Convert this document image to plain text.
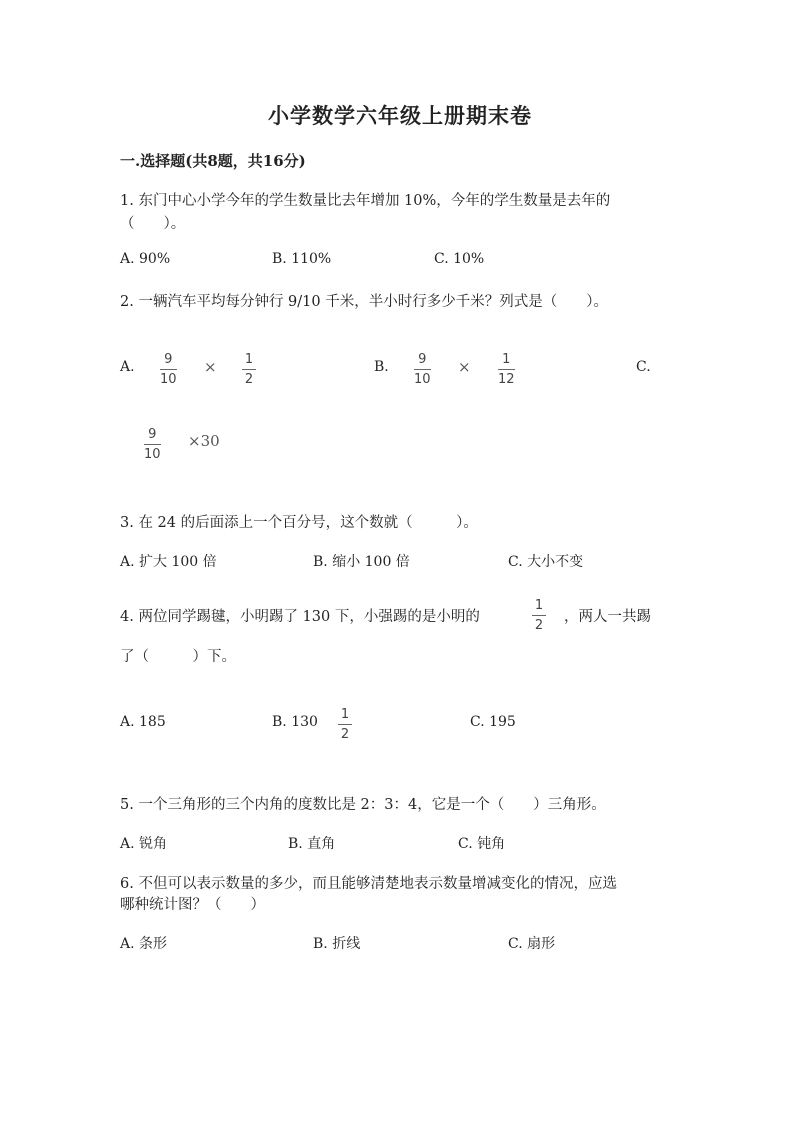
小学数学六年级上册期末卷
一.选择题(共8题，共16分)
1. 东门中心小学今年的学生数量比去年增加 10%，今年的学生数量是去年的
（　　）。
A. 90%	B. 110%	C. 10%
2. 一辆汽车平均每分钟行 9/10 千米，半小时行多少千米？列式是（　　）。
A. 9
10
× 1
2
B. 9
10
× 1
12
C.
9
10
×30
3. 在 24 的后面添上一个百分号，这个数就（　　　）。
A. 扩大 100 倍	B. 缩小 100 倍	C. 大小不变
4. 两位同学踢毽，小明踢了 130 下，小强踢的是小明的
1
2
，两人一共踢
了（　　　）下。
A. 185	B. 130 1
2
C. 195
5. 一个三角形的三个内角的度数比是 2：3：4，它是一个（　　）三角形。
A. 锐角	B. 直角	C. 钝角
6. 不但可以表示数量的多少，而且能够清楚地表示数量增减变化的情况，应选
哪种统计图？（　　）
A. 条形	B. 折线	C. 扇形
